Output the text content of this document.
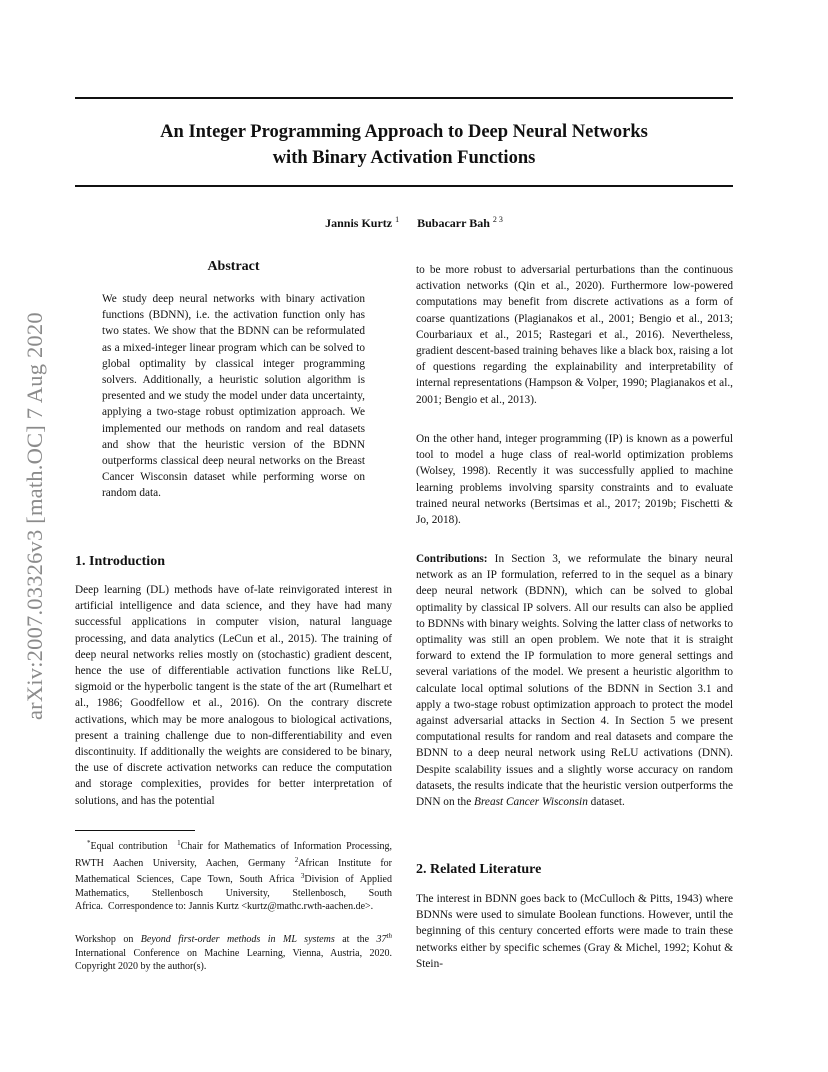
An Integer Programming Approach to Deep Neural Networks
with Binary Activation Functions
Jannis Kurtz $^1$ Bubacarr Bah $^{2 3}$
arXiv:2007.03326v3 [math.OC] 7 Aug 2020
Abstract

We study deep neural networks with binary activation functions (BDNN), i.e. the activation function only has two states. We show that the BDNN can be reformulated as a mixed-integer linear program which can be solved to global optimality by classical integer programming solvers. Additionally, a heuristic solution algorithm is presented and we study the model under data uncertainty, applying a two-stage robust optimization approach. We implemented our methods on random and real datasets and show that the heuristic version of the BDNN outperforms classical deep neural networks on the Breast Cancer Wisconsin dataset while performing worse on random data.

1. Introduction

Deep learning (DL) methods have of-late reinvigorated interest in artificial intelligence and data science, and they have had many successful applications in computer vision, natural language processing, and data analytics (LeCun et al., 2015). The training of deep neural networks relies mostly on (stochastic) gradient descent, hence the use of differentiable activation functions like ReLU, sigmoid or the hyperbolic tangent is the state of the art (Rumelhart et al., 1986; Goodfellow et al., 2016). On the contrary discrete activations, which may be more analogous to biological activations, present a training challenge due to non-differentiability and even discontinuity. If additionally the weights are considered to be binary, the use of discrete activation networks can reduce the computation and storage complexities, provides for better interpretation of solutions, and has the potential

*Equal contribution $^1$Chair for Mathematics of Information Processing, RWTH Aachen University, Aachen, Germany $^2$African Institute for Mathematical Sciences, Cape Town, South Africa $^3$Division of Applied Mathematics, Stellenbosch University, Stellenbosch, South Africa. Correspondence to: Jannis Kurtz <kurtz@mathc.rwth-aachen.de>.

Workshop on Beyond first-order methods in ML systems at the 37th International Conference on Machine Learning, Vienna, Austria, 2020. Copyright 2020 by the author(s).

to be more robust to adversarial perturbations than the continuous activation networks (Qin et al., 2020). Furthermore low-powered computations may benefit from discrete activations as a form of coarse quantizations (Plagianakos et al., 2001; Bengio et al., 2013; Courbariaux et al., 2015; Rastegari et al., 2016). Nevertheless, gradient descent-based training behaves like a black box, raising a lot of questions regarding the explainability and interpretability of internal representations (Hampson & Volper, 1990; Plagianakos et al., 2001; Bengio et al., 2013).

On the other hand, integer programming (IP) is known as a powerful tool to model a huge class of real-world optimization problems (Wolsey, 1998). Recently it was successfully applied to machine learning problems involving sparsity constraints and to evaluate trained neural networks (Bertsimas et al., 2017; 2019b; Fischetti & Jo, 2018).

Contributions: In Section 3, we reformulate the binary neural network as an IP formulation, referred to in the sequel as a binary deep neural network (BDNN), which can be solved to global optimality by classical IP solvers. All our results can also be applied to BDNNs with binary weights. Solving the latter class of networks to optimality was still an open problem. We note that it is straight forward to extend the IP formulation to more general settings and several variations of the model. We present a heuristic algorithm to calculate local optimal solutions of the BDNN in Section 3.1 and apply a two-stage robust optimization approach to protect the model against adversarial attacks in Section 4. In Section 5 we present computational results for random and real datasets and compare the BDNN to a deep neural network using ReLU activations (DNN). Despite scalability issues and a slightly worse accuracy on random datasets, the results indicate that the heuristic version outperforms the DNN on the Breast Cancer Wisconsin dataset.

2. Related Literature

The interest in BDNN goes back to (McCulloch & Pitts, 1943) where BDNNs were used to simulate Boolean functions. However, until the beginning of this century concerted efforts were made to train these networks either by specific schemes (Gray & Michel, 1992; Kohut & Stein-
